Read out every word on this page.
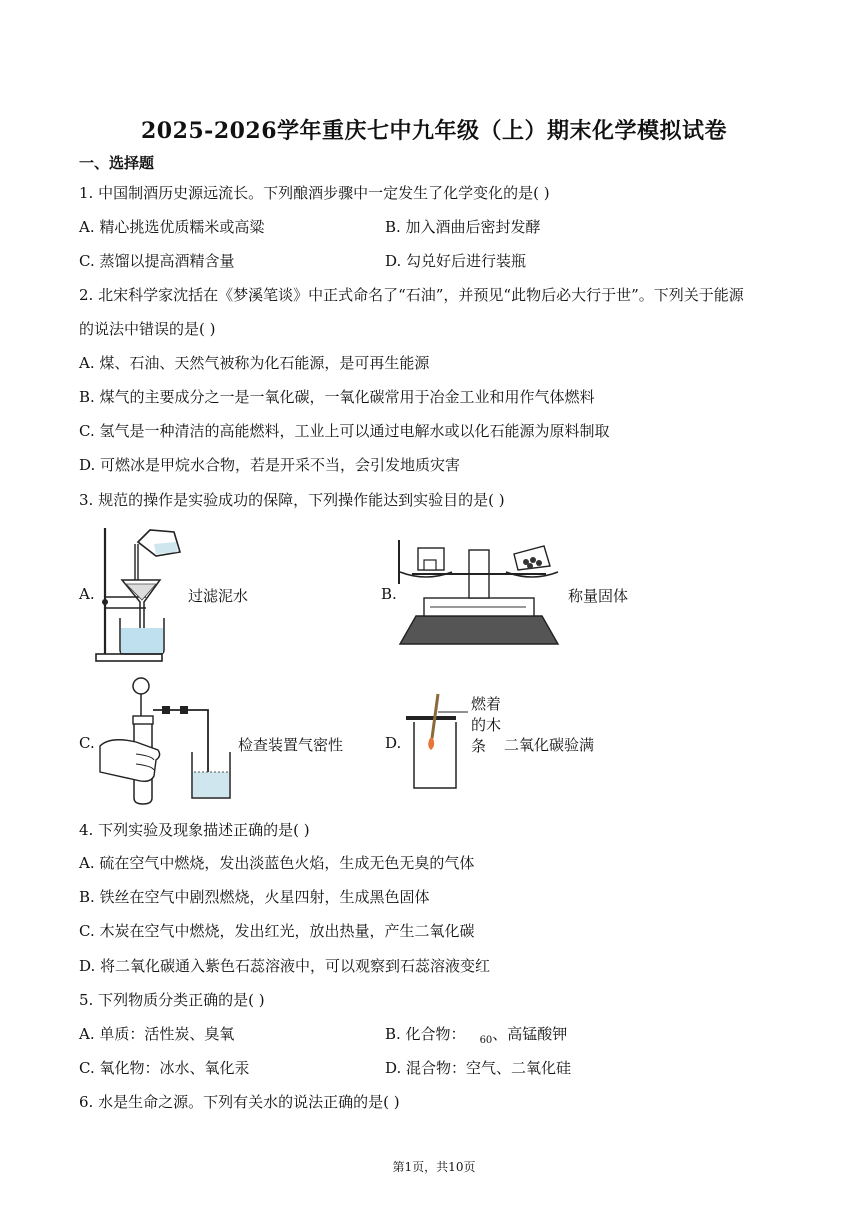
2025-2026学年重庆七中九年级（上）期末化学模拟试卷
一、选择题
1. 中国制酒历史源远流长。下列酿酒步骤中一定发生了化学变化的是( )
A. 精心挑选优质糯米或高粱	B. 加入酒曲后密封发酵
C. 蒸馏以提高酒精含量	D. 勾兑好后进行装瓶
2. 北宋科学家沈括在《梦溪笔谈》中正式命名了“石油”，并预见“此物后必大行于世”。下列关于能源
的说法中错误的是( )
A. 煤、石油、天然气被称为化石能源，是可再生能源
B. 煤气的主要成分之一是一氧化碳，一氧化碳常用于冶金工业和用作气体燃料
C. 氢气是一种清洁的高能燃料，工业上可以通过电解水或以化石能源为原料制取
D. 可燃冰是甲烷水合物，若是开采不当，会引发地质灾害
3. 规范的操作是实验成功的保障，下列操作能达到实验目的是( )
A.	过滤泥水	B.	称量固体
C.	检查装置气密性	D.
燃着
的木
条 二氧化碳验满
4. 下列实验及现象描述正确的是( )
A. 硫在空气中燃烧，发出淡蓝色火焰，生成无色无臭的气体
B. 铁丝在空气中剧烈燃烧，火星四射，生成黑色固体
C. 木炭在空气中燃烧，发出红光，放出热量，产生二氧化碳
D. 将二氧化碳通入紫色石蕊溶液中，可以观察到石蕊溶液变红
5. 下列物质分类正确的是( )
A. 单质：活性炭、臭氧	B. 化合物： $_{60}$、高锰酸钾
C. 氧化物：冰水、氧化汞	D. 混合物：空气、二氧化硅
6. 水是生命之源。下列有关水的说法正确的是( )
第1页，共10页
